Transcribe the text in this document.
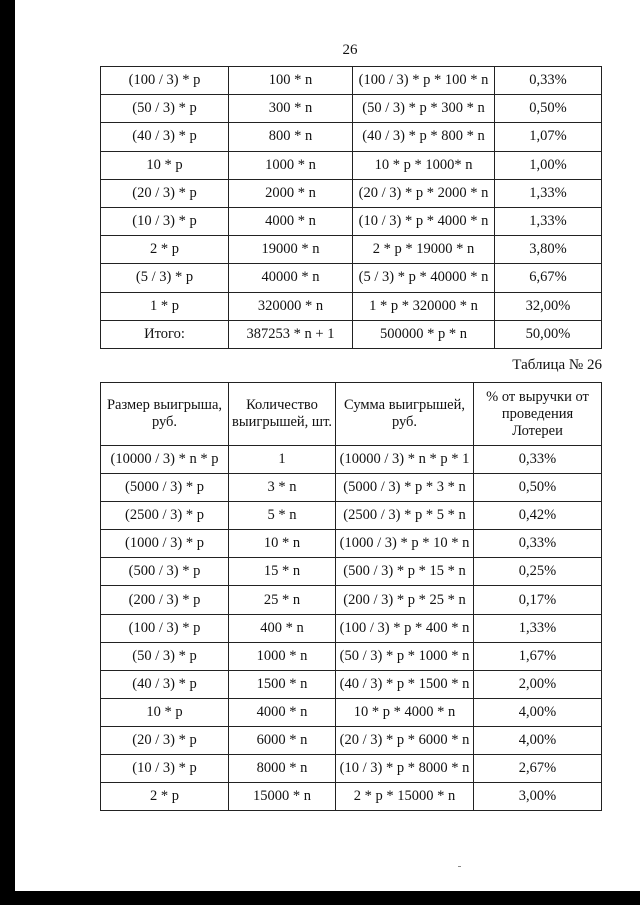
26
(100 / 3) * p	100 * n	(100 / 3) * p * 100 * n	0,33%
(50 / 3) * p	300 * n	(50 / 3) * p * 300 * n	0,50%
(40 / 3) * p	800 * n	(40 / 3) * p * 800 * n	1,07%
10 * p	1000 * n	10 * p * 1000* n	1,00%
(20 / 3) * p	2000 * n	(20 / 3) * p * 2000 * n	1,33%
(10 / 3) * p	4000 * n	(10 / 3) * p * 4000 * n	1,33%
2 * p	19000 * n	2 * p * 19000 * n	3,80%
(5 / 3) * p	40000 * n	(5 / 3) * p * 40000 * n	6,67%
1 * p	320000 * n	1 * p * 320000 * n	32,00%
Итого:	387253 * n + 1	500000 * p * n	50,00%
Таблица № 26
Размер выигрыша, руб.	Количество выигрышей, шт.	Сумма выигрышей, руб.	% от выручки от проведения Лотереи
(10000 / 3) * n * p	1	(10000 / 3) * n * p * 1	0,33%
(5000 / 3) * p	3 * n	(5000 / 3) * p * 3 * n	0,50%
(2500 / 3) * p	5 * n	(2500 / 3) * p * 5 * n	0,42%
(1000 / 3) * p	10 * n	(1000 / 3) * p * 10 * n	0,33%
(500 / 3) * p	15 * n	(500 / 3) * p * 15 * n	0,25%
(200 / 3) * p	25 * n	(200 / 3) * p * 25 * n	0,17%
(100 / 3) * p	400 * n	(100 / 3) * p * 400 * n	1,33%
(50 / 3) * p	1000 * n	(50 / 3) * p * 1000 * n	1,67%
(40 / 3) * p	1500 * n	(40 / 3) * p * 1500 * n	2,00%
10 * p	4000 * n	10 * p * 4000 * n	4,00%
(20 / 3) * p	6000 * n	(20 / 3) * p * 6000 * n	4,00%
(10 / 3) * p	8000 * n	(10 / 3) * p * 8000 * n	2,67%
2 * p	15000 * n	2 * p * 15000 * n	3,00%
